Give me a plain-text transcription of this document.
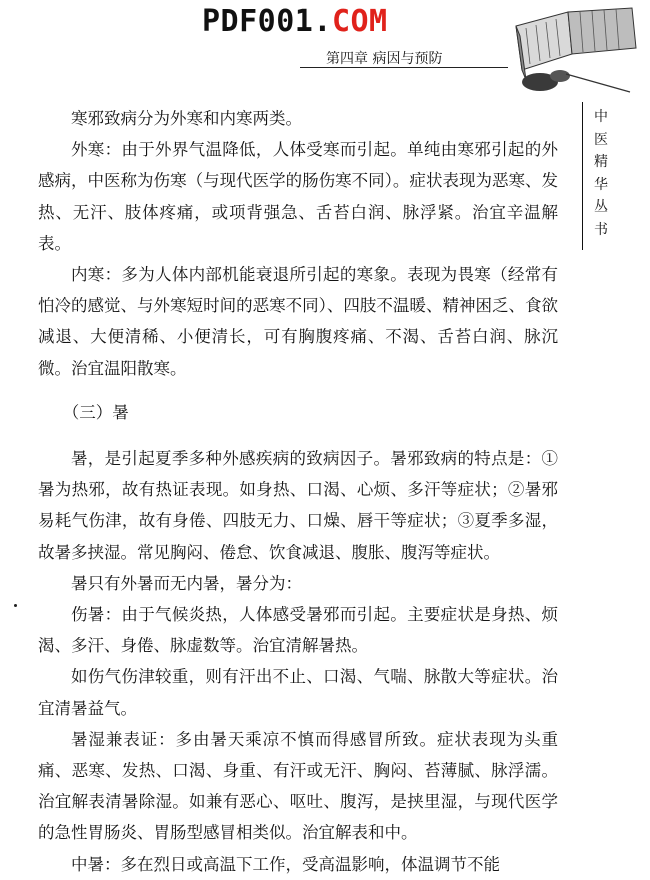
PDF001.COM
第四章 病因与预防
中
医
精
华
丛
书

寒邪致病分为外寒和内寒两类。

外寒：由于外界气温降低，人体受寒而引起。单纯由寒邪引起的外感病，中医称为伤寒（与现代医学的肠伤寒不同）。症状表现为恶寒、发热、无汗、肢体疼痛，或项背强急、舌苔白润、脉浮紧。治宜辛温解表。

内寒：多为人体内部机能衰退所引起的寒象。表现为畏寒（经常有怕冷的感觉、与外寒短时间的恶寒不同）、四肢不温暖、精神困乏、食欲减退、大便清稀、小便清长，可有胸腹疼痛、不渴、舌苔白润、脉沉微。治宜温阳散寒。

（三）暑

暑，是引起夏季多种外感疾病的致病因子。暑邪致病的特点是：①暑为热邪，故有热证表现。如身热、口渴、心烦、多汗等症状；②暑邪易耗气伤津，故有身倦、四肢无力、口燥、唇干等症状；③夏季多湿，故暑多挟湿。常见胸闷、倦怠、饮食减退、腹胀、腹泻等症状。

暑只有外暑而无内暑，暑分为：

伤暑：由于气候炎热，人体感受暑邪而引起。主要症状是身热、烦渴、多汗、身倦、脉虚数等。治宜清解暑热。

如伤气伤津较重，则有汗出不止、口渴、气喘、脉散大等症状。治宜清暑益气。

暑湿兼表证：多由暑天乘凉不慎而得感冒所致。症状表现为头重痛、恶寒、发热、口渴、身重、有汗或无汗、胸闷、苔薄腻、脉浮濡。治宜解表清暑除湿。如兼有恶心、呕吐、腹泻，是挟里湿，与现代医学的急性胃肠炎、胃肠型感冒相类似。治宜解表和中。

中暑：多在烈日或高温下工作，受高温影响，体温调节不能
